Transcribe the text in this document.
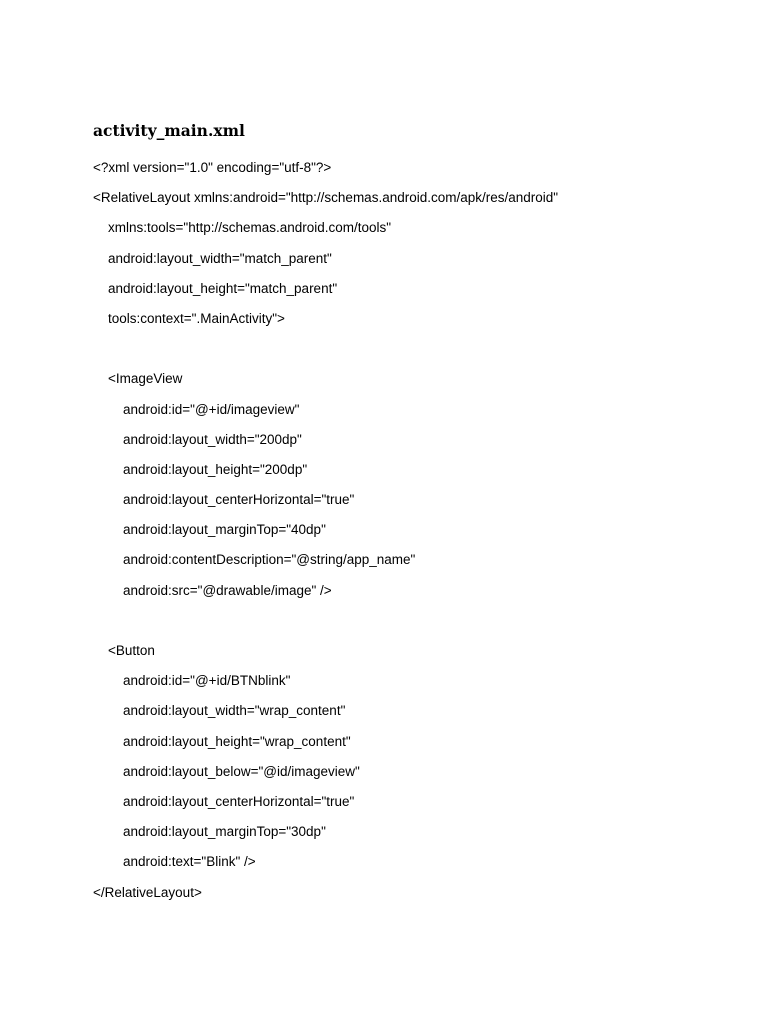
activity_main.xml
<?xml version="1.0" encoding="utf-8"?>
<RelativeLayout xmlns:android="http://schemas.android.com/apk/res/android"
xmlns:tools="http://schemas.android.com/tools"
android:layout_width="match_parent"
android:layout_height="match_parent"
tools:context=".MainActivity">
<ImageView
android:id="@+id/imageview"
android:layout_width="200dp"
android:layout_height="200dp"
android:layout_centerHorizontal="true"
android:layout_marginTop="40dp"
android:contentDescription="@string/app_name"
android:src="@drawable/image" />
<Button
android:id="@+id/BTNblink"
android:layout_width="wrap_content"
android:layout_height="wrap_content"
android:layout_below="@id/imageview"
android:layout_centerHorizontal="true"
android:layout_marginTop="30dp"
android:text="Blink" />
</RelativeLayout>
